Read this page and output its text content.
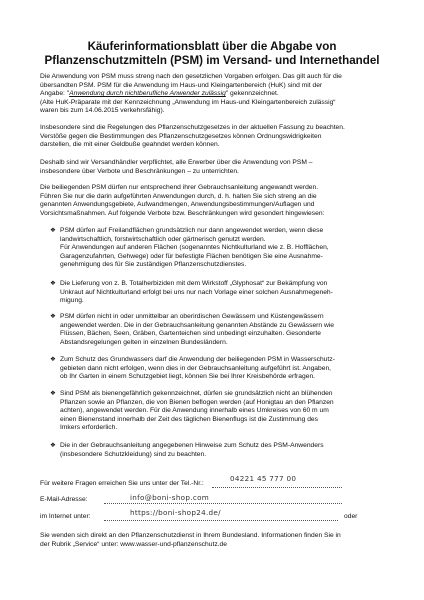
Käuferinformationsblatt über die Abgabe von
Pflanzenschutzmitteln (PSM) im Versand- und Internethandel
Die Anwendung von PSM muss streng nach den gesetzlichen Vorgaben erfolgen. Das gilt auch für die
übersandten PSM. PSM für die Anwendung im Haus-und Kleingartenbereich (HuK) sind mit der
Angabe: "Anwendung durch nichtberufliche Anwender zulässig" gekennzeichnet.
(Alte HuK-Präparate mit der Kennzeichnung „Anwendung im Haus-und Kleingartenbereich zulässig“
waren bis zum 14.06.2015 verkehrsfähig).
Insbesondere sind die Regelungen des Pflanzenschutzgesetzes in der aktuellen Fassung zu beachten.
Verstöße gegen die Bestimmungen des Pflanzenschutzgesetzes können Ordnungswidrigkeiten
darstellen, die mit einer Geldbuße geahndet werden können.
Deshalb sind wir Versandhändler verpflichtet, alle Erwerber über die Anwendung von PSM –
insbesondere über Verbote und Beschränkungen – zu unterrichten.
Die beiliegenden PSM dürfen nur entsprechend ihrer Gebrauchsanleitung angewandt werden.
Führen Sie nur die darin aufgeführten Anwendungen durch, d. h. halten Sie sich streng an die
genannten Anwendungsgebiete, Aufwandmengen, Anwendungsbestimmungen/Auflagen und
Vorsichtsmaßnahmen. Auf folgende Verbote bzw. Beschränkungen wird gesondert hingewiesen:
❖ PSM dürfen auf Freilandflächen grundsätzlich nur dann angewendet werden, wenn diese
landwirtschaftlich, forstwirtschaftlich oder gärtnerisch genutzt werden.
Für Anwendungen auf anderen Flächen (sogenanntes Nichtkulturland wie z. B. Hofflächen,
Garagenzufahrten, Gehwege) oder für befestigte Flächen benötigen Sie eine Ausnahme-
genehmigung des für Sie zuständigen Pflanzenschutzdienstes.
❖ Die Lieferung von z. B. Totalherbiziden mit dem Wirkstoff „Glyphosat“ zur Bekämpfung von
Unkraut auf Nichtkulturland erfolgt bei uns nur nach Vorlage einer solchen Ausnahmegeneh-
migung.
❖ PSM dürfen nicht in oder unmittelbar an oberirdischen Gewässern und Küstengewässern
angewendet werden. Die in der Gebrauchsanleitung genannten Abstände zu Gewässern wie
Flüssen, Bächen, Seen, Gräben, Gartenteichen sind unbedingt einzuhalten. Gesonderte
Abstandsregelungen gelten in einzelnen Bundesländern.
❖ Zum Schutz des Grundwassers darf die Anwendung der beiliegenden PSM in Wasserschutz-
gebieten dann nicht erfolgen, wenn dies in der Gebrauchsanleitung aufgeführt ist. Angaben,
ob Ihr Garten in einem Schutzgebiet liegt, können Sie bei Ihrer Kreisbehörde erfragen.
❖ Sind PSM als bienengefährlich gekennzeichnet, dürfen sie grundsätzlich nicht an blühenden
Pflanzen sowie an Pflanzen, die von Bienen beflogen werden (auf Honigtau an den Pflanzen
achten), angewendet werden. Für die Anwendung innerhalb eines Umkreises von 60 m um
einen Bienenstand innerhalb der Zeit des täglichen Bienenflugs ist die Zustimmung des
Imkers erforderlich.
❖ Die in der Gebrauchsanleitung angegebenen Hinweise zum Schutz des PSM-Anwenders
(insbesondere Schutzkleidung) sind zu beachten.
Für weitere Fragen erreichen Sie uns unter der Tel.-Nr.:
04221 45 777 00
E-Mail-Adresse:	info@boni-shop.com
im Internet unter:	https://boni-shop24.de/	oder
Sie wenden sich direkt an den Pflanzenschutzdienst in Ihrem Bundesland. Informationen finden Sie in
der Rubrik „Service“ unter: www.wasser-und-pflanzenschutz.de
